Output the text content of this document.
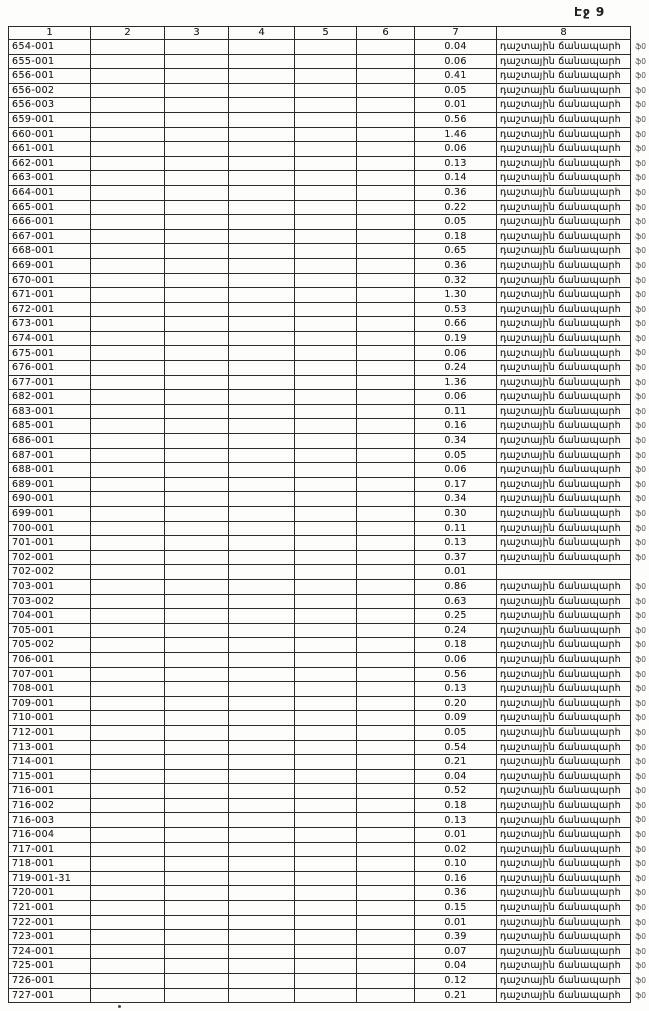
Էջ 9
1	2	3	4	5	6	7	8
654-001						0.04	դաշտային ճանապարհ ֆ0

655-001						0.06	դաշտային ճանապարհ ֆ0

656-001						0.41	դաշտային ճանապարհ ֆ0

656-002						0.05	դաշտային ճանապարհ ֆ0

656-003						0.01	դաշտային ճանապարհ ֆ0

659-001						0.56	դաշտային ճանապարհ ֆ0

660-001						1.46	դաշտային ճանապարհ ֆ0

661-001						0.06	դաշտային ճանապարհ ֆ0

662-001						0.13	դաշտային ճանապարհ ֆ0

663-001						0.14	դաշտային ճանապարհ ֆ0

664-001						0.36	դաշտային ճանապարհ ֆ0

665-001						0.22	դաշտային ճանապարհ ֆ0

666-001						0.05	դաշտային ճանապարհ ֆ0

667-001						0.18	դաշտային ճանապարհ ֆ0

668-001						0.65	դաշտային ճանապարհ ֆ0

669-001						0.36	դաշտային ճանապարհ ֆ0

670-001						0.32	դաշտային ճանապարհ ֆ0

671-001						1.30	դաշտային ճանապարհ ֆ0

672-001						0.53	դաշտային ճանապարհ ֆ0

673-001						0.66	դաշտային ճանապարհ ֆ0

674-001						0.19	դաշտային ճանապարհ ֆ0

675-001						0.06	դաշտային ճանապարհ ֆ0

676-001						0.24	դաշտային ճանապարհ ֆ0

677-001						1.36	դաշտային ճանապարհ ֆ0

682-001						0.06	դաշտային ճանապարհ ֆ0

683-001						0.11	դաշտային ճանապարհ ֆ0

685-001						0.16	դաշտային ճանապարհ ֆ0

686-001						0.34	դաշտային ճանապարհ ֆ0

687-001						0.05	դաշտային ճանապարհ ֆ0

688-001						0.06	դաշտային ճանապարհ ֆ0

689-001						0.17	դաշտային ճանապարհ ֆ0

690-001						0.34	դաշտային ճանապարհ ֆ0

699-001						0.30	դաշտային ճանապարհ ֆ0

700-001						0.11	դաշտային ճանապարհ ֆ0

701-001						0.13	դաշտային ճանապարհ ֆ0

702-001						0.37	դաշտային ճանապարհ ֆ0

702-002						0.01	

703-001						0.86	դաշտային ճանապարհ ֆ0

703-002						0.63	դաշտային ճանապարհ ֆ0

704-001						0.25	դաշտային ճանապարհ ֆ0

705-001						0.24	դաշտային ճանապարհ ֆ0

705-002						0.18	դաշտային ճանապարհ ֆ0

706-001						0.06	դաշտային ճանապարհ ֆ0

707-001						0.56	դաշտային ճանապարհ ֆ0

708-001						0.13	դաշտային ճանապարհ ֆ0

709-001						0.20	դաշտային ճանապարհ ֆ0

710-001						0.09	դաշտային ճանապարհ ֆ0

712-001						0.05	դաշտային ճանապարհ ֆ0

713-001						0.54	դաշտային ճանապարհ ֆ0

714-001						0.21	դաշտային ճանապարհ ֆ0

715-001						0.04	դաշտային ճանապարհ ֆ0

716-001						0.52	դաշտային ճանապարհ ֆ0

716-002						0.18	դաշտային ճանապարհ ֆ0

716-003						0.13	դաշտային ճանապարհ ֆ0

716-004						0.01	դաշտային ճանապարհ ֆ0

717-001						0.02	դաշտային ճանապարհ ֆ0

718-001						0.10	դաշտային ճանապարհ ֆ0

719-001-31						0.16	դաշտային ճանապարհ ֆ0

720-001						0.36	դաշտային ճանապարհ ֆ0

721-001						0.15	դաշտային ճանապարհ ֆ0

722-001						0.01	դաշտային ճանապարհ ֆ0

723-001						0.39	դաշտային ճանապարհ ֆ0

724-001						0.07	դաշտային ճանապարհ ֆ0

725-001						0.04	դաշտային ճանապարհ ֆ0

726-001						0.12	դաշտային ճանապարհ ֆ0

727-001						0.21	դաշտային ճանապարհ ֆ0
